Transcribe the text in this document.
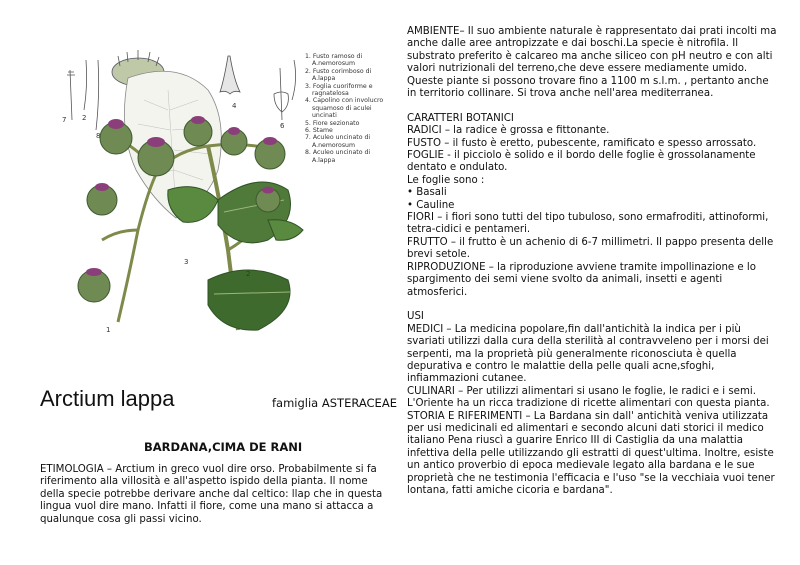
7 2
8
4
6
1
2
3
1. Fusto ramoso di
A.nemorosum
2. Fusto corimboso di
A.lappa
3. Foglia cuoriforme e
ragnatelosa
4. Capolino con involucro
squamoso di aculei
uncinati
5. Fiore sezionato
6. Stame
7. Aculeo uncinato di
A.nemorosum
8. Aculeo uncinato di
A.lappa
Arctium lappa	famiglia ASTERACEAE
BARDANA,CIMA DE RANI
ETIMOLOGIA – Arctium in greco vuol dire orso. Probabilmente si fa riferimento alla villosità e all'aspetto ispido della pianta. Il nome della specie potrebbe derivare anche dal celtico: llap che in questa lingua vuol dire mano. Infatti il fiore, come una mano si attacca a qualunque cosa gli passi vicino.

AMBIENTE– Il suo ambiente naturale è rappresentato dai prati incolti ma anche dalle aree antropizzate e dai boschi.La specie è nitrofila. Il substrato preferito è calcareo ma anche siliceo con pH neutro e con alti valori nutrizionali del terreno,che deve essere mediamente umido. Queste piante si possono trovare fino a 1100 m s.l.m. , pertanto anche in territorio collinare. Si trova anche nell'area mediterranea.

CARATTERI BOTANICI

RADICI – la radice è grossa e fittonante.

FUSTO – il fusto è eretto, pubescente, ramificato e spesso arrossato.

FOGLIE - il picciolo è solido e il bordo delle foglie è grossolanamente dentato e ondulato.

Le foglie sono :

• Basali

• Cauline

FIORI – i fiori sono tutti del tipo tubuloso, sono ermafroditi, attinoformi, tetra-cidici e pentameri.

FRUTTO – il frutto è un achenio di 6-7 millimetri. Il pappo presenta delle brevi setole.

RIPRODUZIONE – la riproduzione avviene tramite impollinazione e lo spargimento dei semi viene svolto da animali, insetti e agenti atmosferici.

USI

MEDICI – La medicina popolare,fin dall'antichità la indica per i più svariati utilizzi dalla cura della sterilità al contravveleno per i morsi dei serpenti, ma la proprietà più generalmente riconosciuta è quella depurativa e contro le malattie della pelle quali acne,sfoghi, infiammazioni cutanee.

CULINARI – Per utilizzi alimentari si usano le foglie, le radici e i semi. L'Oriente ha un ricca tradizione di ricette alimentari con questa pianta.

STORIA E RIFERIMENTI – La Bardana sin dall' antichità veniva utilizzata per usi medicinali ed alimentari e secondo alcuni dati storici il medico italiano Pena riuscì a guarire Enrico III di Castiglia da una malattia infettiva della pelle utilizzando gli estratti di quest'ultima. Inoltre, esiste un antico proverbio di epoca medievale legato alla bardana e le sue proprietà che ne testimonia l'efficacia e l'uso "se la vecchiaia vuoi tener lontana, fatti amiche cicoria e bardana".
